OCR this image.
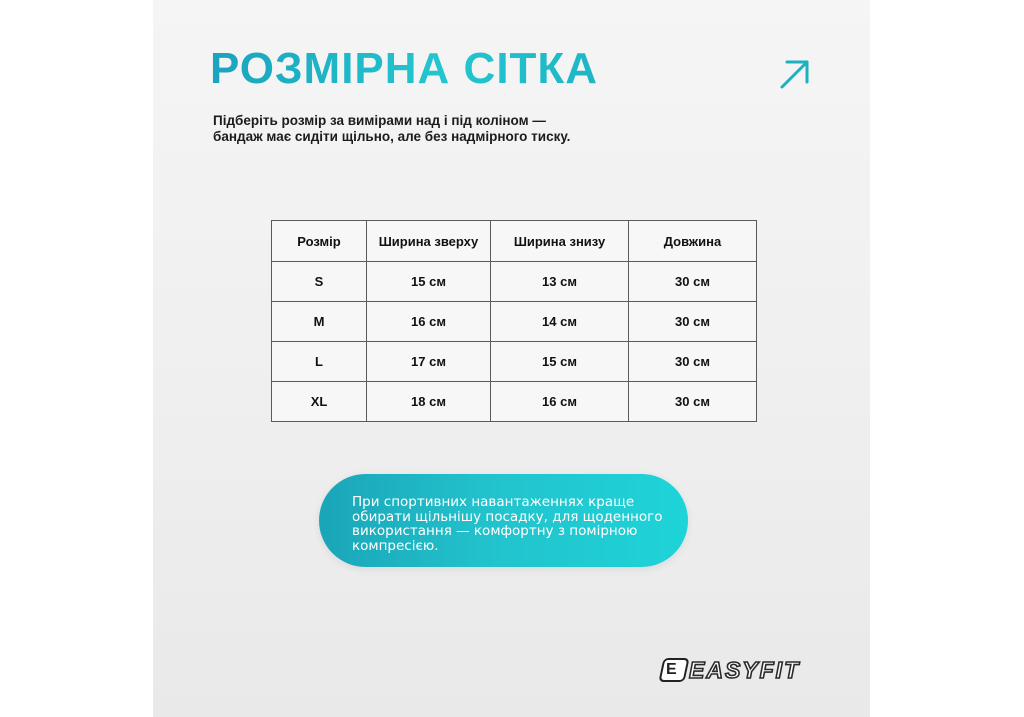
РОЗМІРНА СІТКА
Підберіть розмір за вимірами над і під коліном — бандаж має сидіти щільно, але без надмірного тиску.
Розмір	Ширина зверху	Ширина знизу	Довжина
S	15 см	13 см	30 см
M	16 см	14 см	30 см
L	17 см	15 см	30 см
XL	18 см	16 см	30 см
При спортивних навантаженнях краще обирати щільнішу посадку, для щоденного використання — комфортну з помірною компресією.
E EASYFIT
